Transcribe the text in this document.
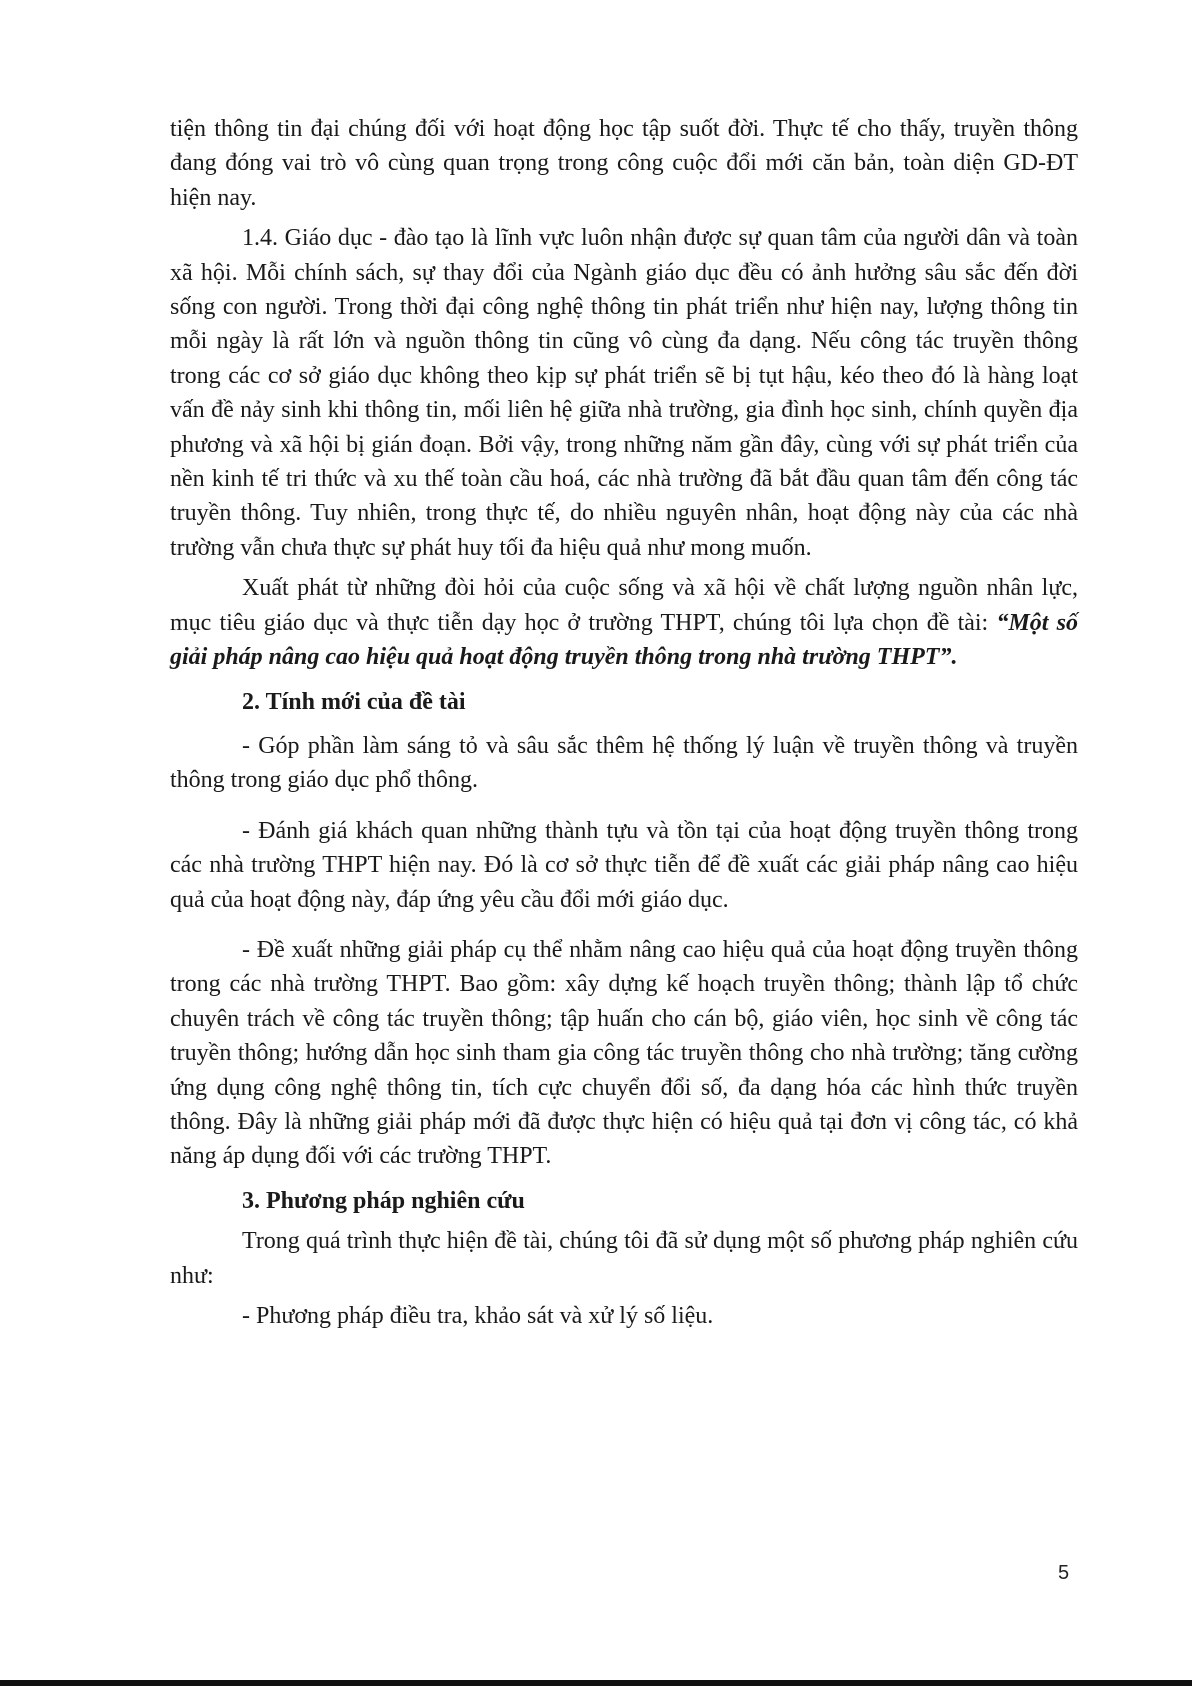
tiện thông tin đại chúng đối với hoạt động học tập suốt đời. Thực tế cho thấy, truyền thông đang đóng vai trò vô cùng quan trọng trong công cuộc đổi mới căn bản, toàn diện GD-ĐT hiện nay.

1.4. Giáo dục - đào tạo là lĩnh vực luôn nhận được sự quan tâm của người dân và toàn xã hội. Mỗi chính sách, sự thay đổi của Ngành giáo dục đều có ảnh hưởng sâu sắc đến đời sống con người. Trong thời đại công nghệ thông tin phát triển như hiện nay, lượng thông tin mỗi ngày là rất lớn và nguồn thông tin cũng vô cùng đa dạng. Nếu công tác truyền thông trong các cơ sở giáo dục không theo kịp sự phát triển sẽ bị tụt hậu, kéo theo đó là hàng loạt vấn đề nảy sinh khi thông tin, mối liên hệ giữa nhà trường, gia đình học sinh, chính quyền địa phương và xã hội bị gián đoạn. Bởi vậy, trong những năm gần đây, cùng với sự phát triển của nền kinh tế tri thức và xu thế toàn cầu hoá, các nhà trường đã bắt đầu quan tâm đến công tác truyền thông. Tuy nhiên, trong thực tế, do nhiều nguyên nhân, hoạt động này của các nhà trường vẫn chưa thực sự phát huy tối đa hiệu quả như mong muốn.

Xuất phát từ những đòi hỏi của cuộc sống và xã hội về chất lượng nguồn nhân lực, mục tiêu giáo dục và thực tiễn dạy học ở trường THPT, chúng tôi lựa chọn đề tài: “Một số giải pháp nâng cao hiệu quả hoạt động truyền thông trong nhà trường THPT”.

2. Tính mới của đề tài

- Góp phần làm sáng tỏ và sâu sắc thêm hệ thống lý luận về truyền thông và truyền thông trong giáo dục phổ thông.

- Đánh giá khách quan những thành tựu và tồn tại của hoạt động truyền thông trong các nhà trường THPT hiện nay. Đó là cơ sở thực tiễn để đề xuất các giải pháp nâng cao hiệu quả của hoạt động này, đáp ứng yêu cầu đổi mới giáo dục.

- Đề xuất những giải pháp cụ thể nhằm nâng cao hiệu quả của hoạt động truyền thông trong các nhà trường THPT. Bao gồm: xây dựng kế hoạch truyền thông; thành lập tổ chức chuyên trách về công tác truyền thông; tập huấn cho cán bộ, giáo viên, học sinh về công tác truyền thông; hướng dẫn học sinh tham gia công tác truyền thông cho nhà trường; tăng cường ứng dụng công nghệ thông tin, tích cực chuyển đổi số, đa dạng hóa các hình thức truyền thông. Đây là những giải pháp mới đã được thực hiện có hiệu quả tại đơn vị công tác, có khả năng áp dụng đối với các trường THPT.

3. Phương pháp nghiên cứu

Trong quá trình thực hiện đề tài, chúng tôi đã sử dụng một số phương pháp nghiên cứu như:

- Phương pháp điều tra, khảo sát và xử lý số liệu.

5
